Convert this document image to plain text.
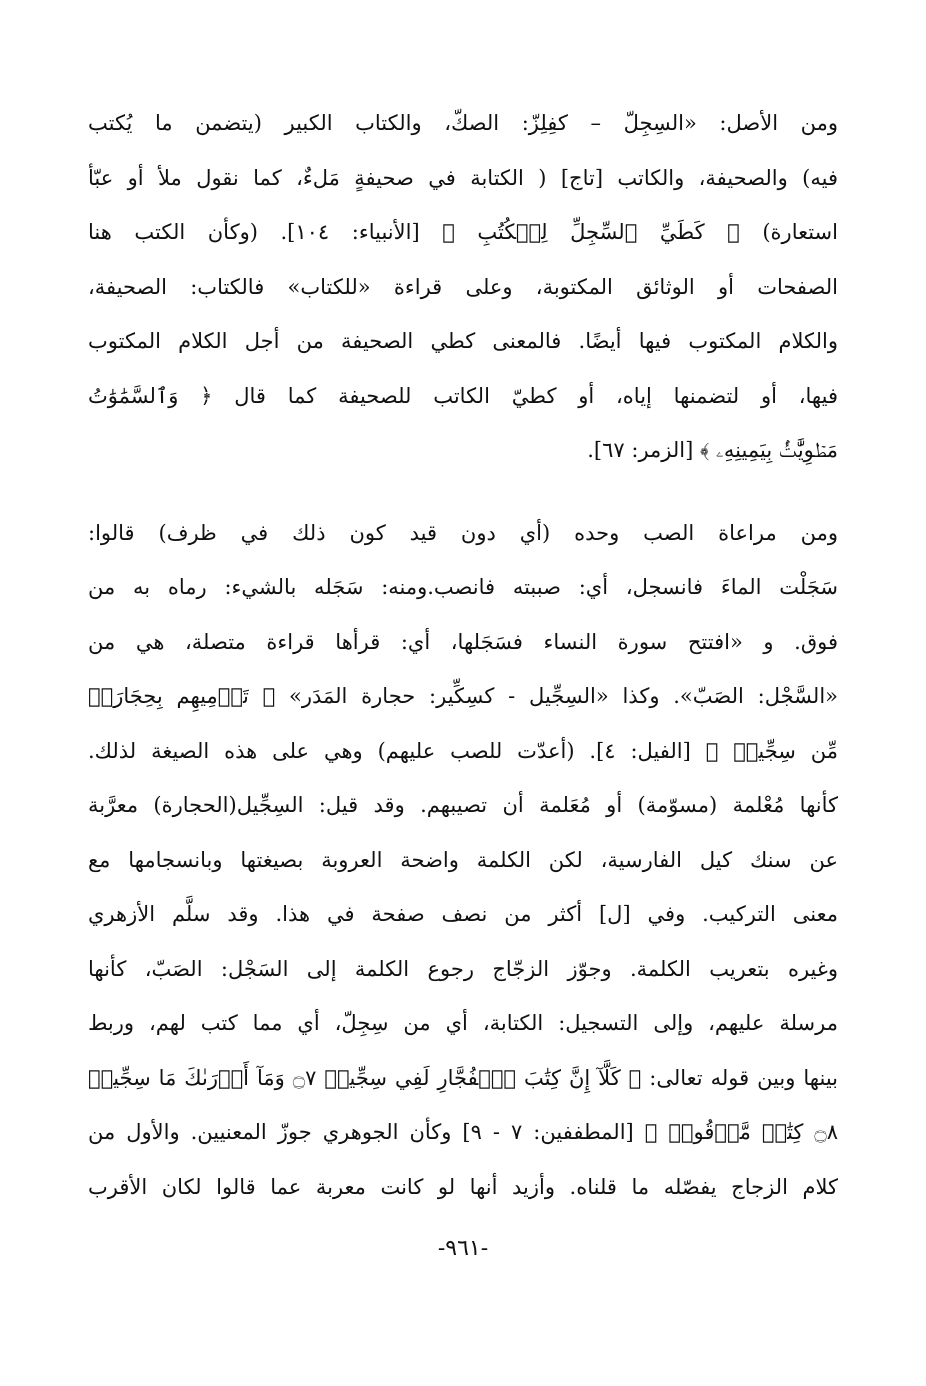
ومن الأصل: «السِجِلّ – كفِلِزّ: الصكّ، والكتاب الكبير (يتضمن ما يُكتب
فيه) والصحيفة، والكاتب [تاج] ( الكتابة في صحيفةٍ مَلءٌ، كما نقول ملأ أو عبّأ
استعارة) ﴿ كَطَيِّ ٱلسِّجِلِّ لِلۡكُتُبِ ﴾ [الأنبياء: ١٠٤]. (وكأن الكتب هنا
الصفحات أو الوثائق المكتوبة، وعلى قراءة «للكتاب» فالكتاب: الصحيفة،
والكلام المكتوب فيها أيضًا. فالمعنى كطي الصحيفة من أجل الكلام المكتوب
فيها، أو لتضمنها إياه، أو كطيّ الكاتب للصحيفة كما قال ﴿ وَٱلسَّمَٰوَٰتُ
مَطۡوِيَّٰتُۢ بِيَمِينِهِۦ ﴾ [الزمر: ٦٧].
ومن مراعاة الصب وحده (أي دون قيد كون ذلك في ظرف) قالوا:
سَجَلْت الماءَ فانسجل، أي: صببته فانصب.ومنه: سَجَله بالشيء: رماه به من
فوق. و «افتتح سورة النساء فسَجَلها، أي: قرأها قراءة متصلة، هي من
«السَّجْل: الصَبّ». وكذا «السِجِّيل - كسِكِّير: حجارة المَدَر» ﴿ تَرۡمِيهِم بِحِجَارَةٖ
مِّن سِجِّيلٖ ﴾ [الفيل: ٤]. (أعدّت للصب عليهم) وهي على هذه الصيغة لذلك.
كأنها مُعْلمة (مسوّمة) أو مُعَلمة أن تصيبهم. وقد قيل: السِجِّيل(الحجارة) معرَّبة
عن سنك كيل الفارسية، لكن الكلمة واضحة العروبة بصيغتها وبانسجامها مع
معنى التركيب. وفي [ل] أكثر من نصف صفحة في هذا. وقد سلَّم الأزهري
وغيره بتعريب الكلمة. وجوّز الزجّاج رجوع الكلمة إلى السَجْل: الصَبّ، كأنها
مرسلة عليهم، وإلى التسجيل: الكتابة، أي من سِجِلّ، أي مما كتب لهم، وربط
بينها وبين قوله تعالى: ﴿ كَلَّآ إِنَّ كِتَٰبَ ٱلۡفُجَّارِ لَفِي سِجِّينٖ ۝٧ وَمَآ أَدۡرَىٰكَ مَا سِجِّينٞ
۝٨ كِتَٰبٞ مَّرۡقُومٞ ﴾ [المطففين: ٧ - ٩] وكأن الجوهري جوزّ المعنيين. والأول من
كلام الزجاج يفصّله ما قلناه. وأزيد أنها لو كانت معربة عما قالوا لكان الأقرب
-٩٦١-
